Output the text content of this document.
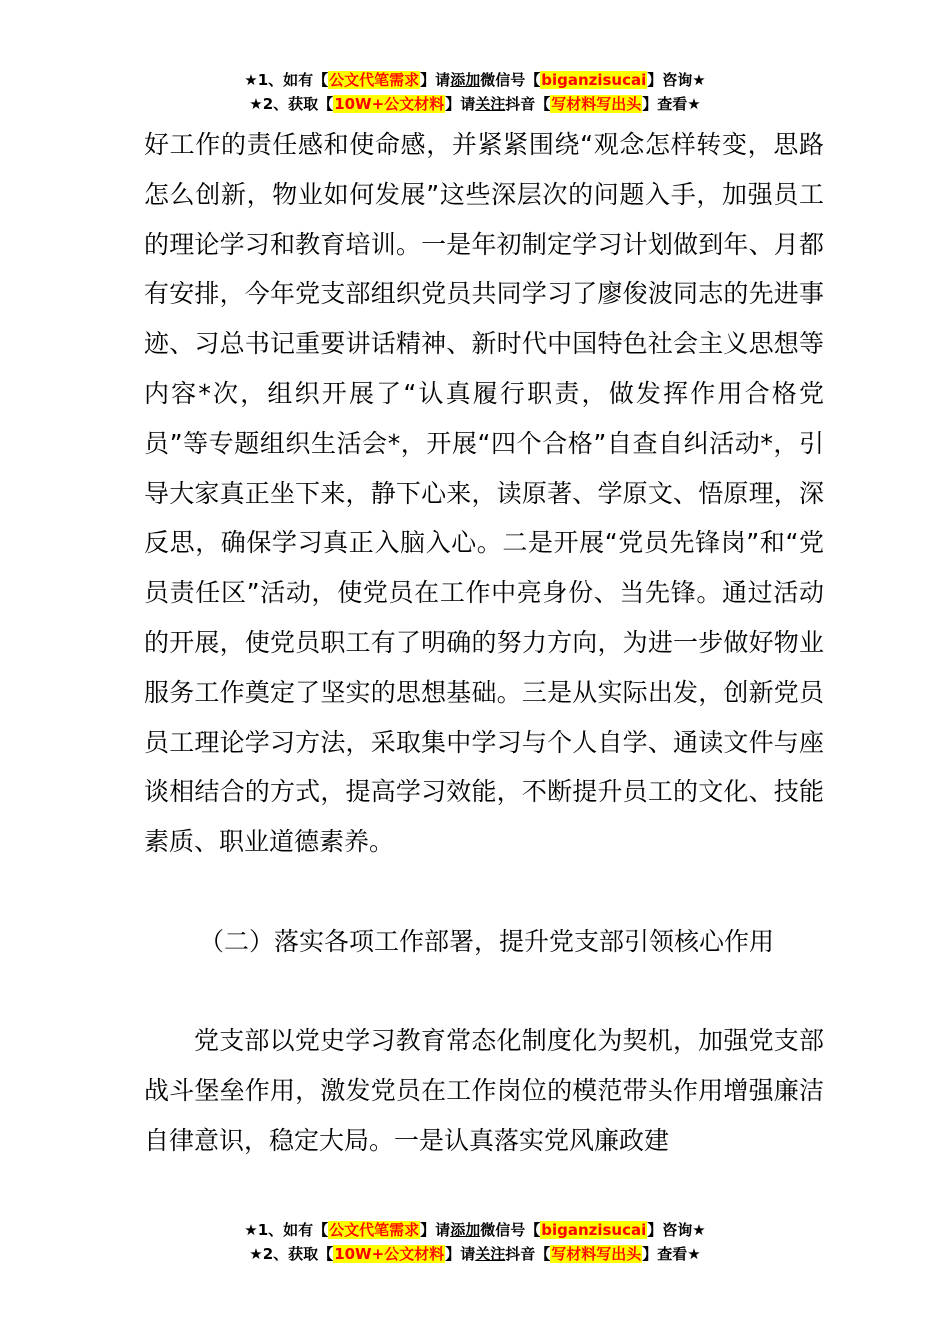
★1、如有【公文代笔需求】请添加微信号【biganzisucai】咨询★
★2、获取【10W+公文材料】请关注抖音【写材料写出头】查看★

好工作的责任感和使命感，并紧紧围绕“观念怎样转变，思路怎么创新，物业如何发展”这些深层次的问题入手，加强员工的理论学习和教育培训。一是年初制定学习计划做到年、月都有安排，今年党支部组织党员共同学习了廖俊波同志的先进事迹、习总书记重要讲话精神、新时代中国特色社会主义思想等内容*次，组织开展了“认真履行职责，做发挥作用合格党员”等专题组织生活会*，开展“四个合格”自查自纠活动*，引导大家真正坐下来，静下心来，读原著、学原文、悟原理，深反思，确保学习真正入脑入心。二是开展“党员先锋岗”和“党员责任区”活动，使党员在工作中亮身份、当先锋。通过活动的开展，使党员职工有了明确的努力方向，为进一步做好物业服务工作奠定了坚实的思想基础。三是从实际出发，创新党员员工理论学习方法，采取集中学习与个人自学、通读文件与座谈相结合的方式，提高学习效能，不断提升员工的文化、技能素质、职业道德素养。

（二）落实各项工作部署，提升党支部引领核心作用

党支部以党史学习教育常态化制度化为契机，加强党支部战斗堡垒作用，激发党员在工作岗位的模范带头作用增强廉洁自律意识，稳定大局。一是认真落实党风廉政建

★1、如有【公文代笔需求】请添加微信号【biganzisucai】咨询★
★2、获取【10W+公文材料】请关注抖音【写材料写出头】查看★
